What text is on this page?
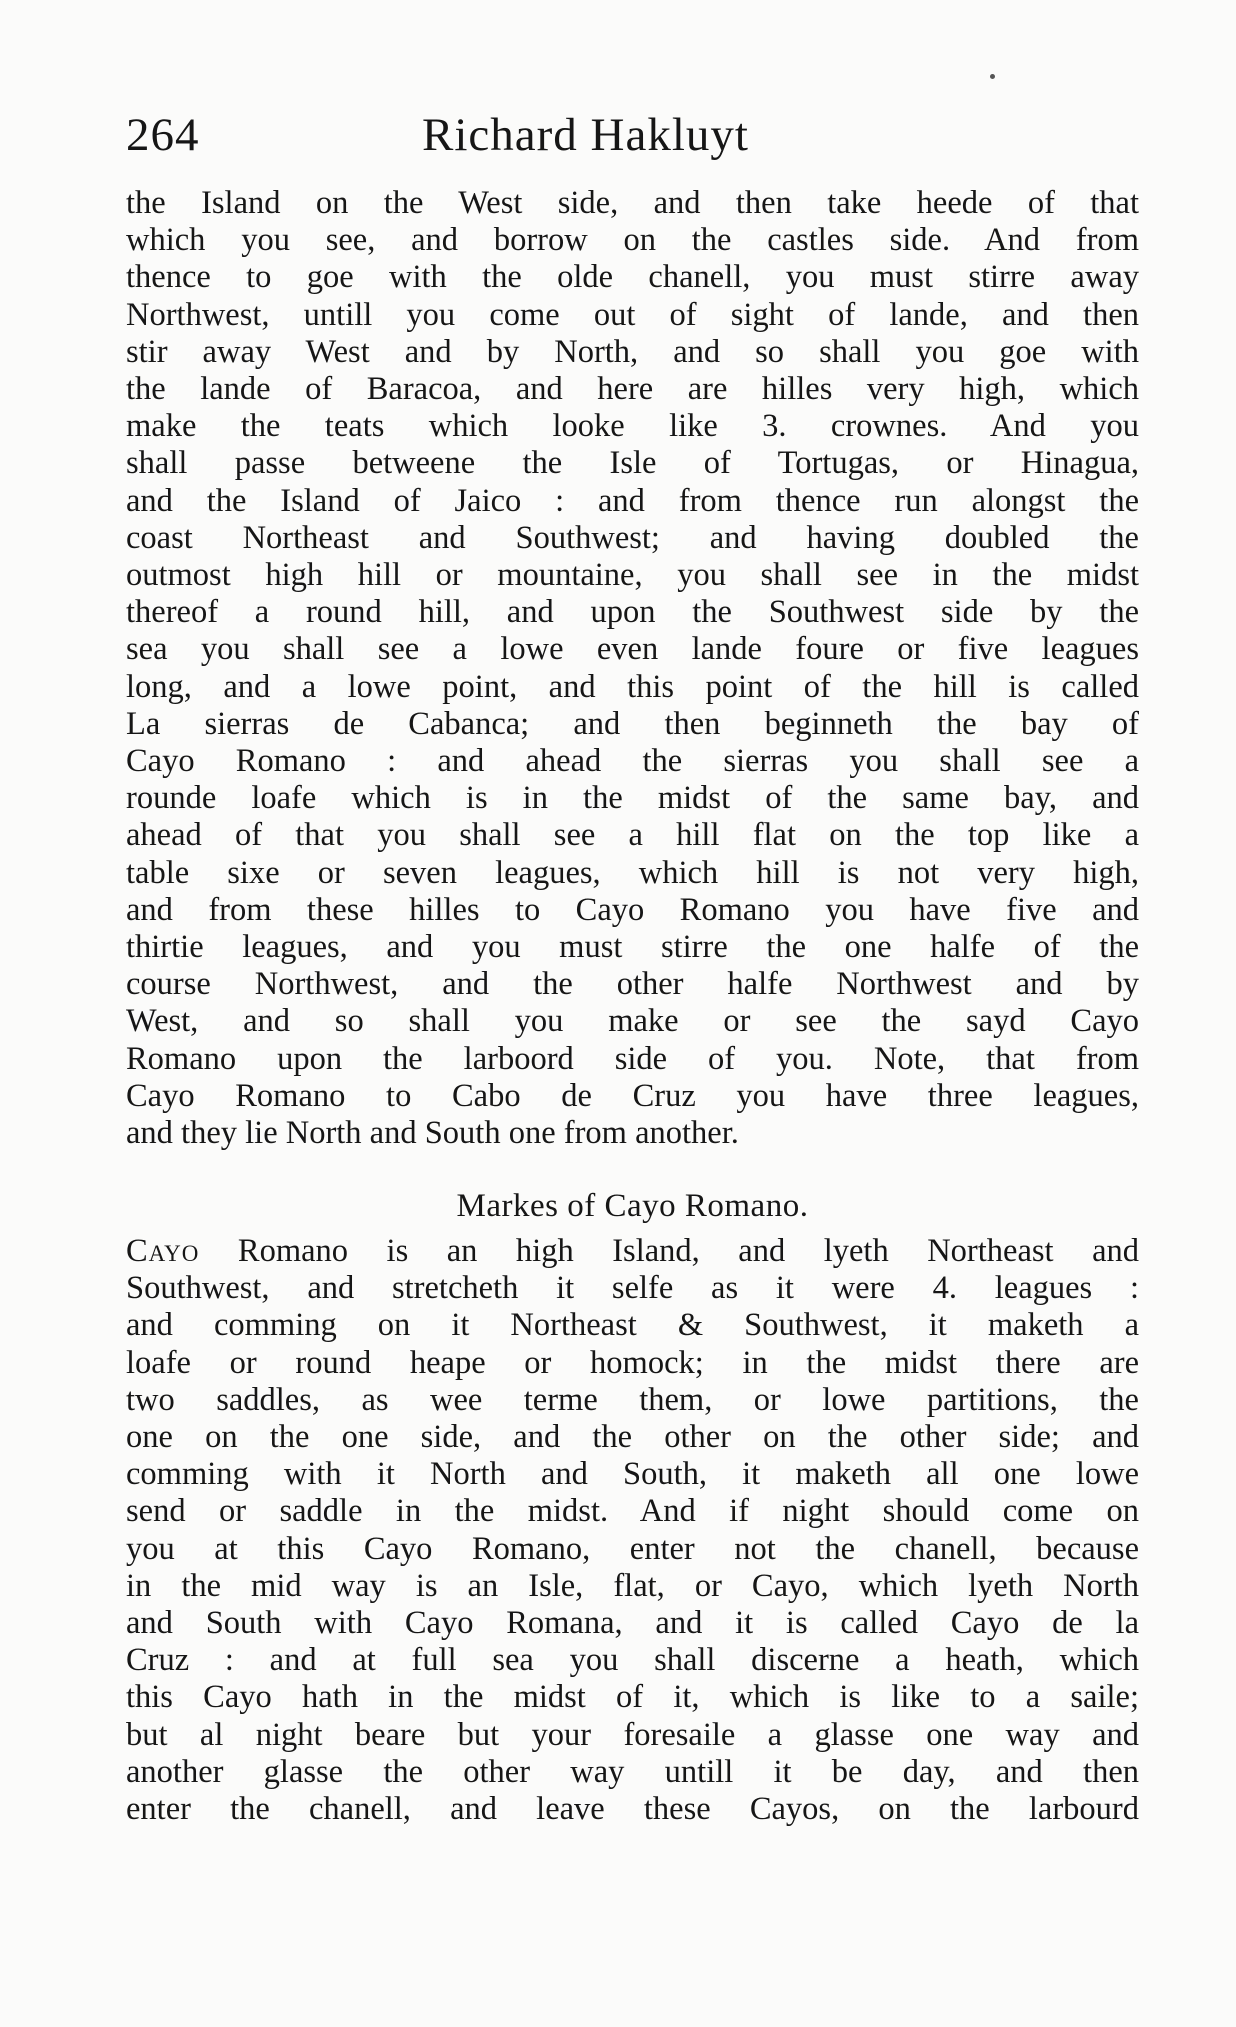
264	Richard Hakluyt
the Island on the West side, and then take heede of that
which you see, and borrow on the castles side. And from
thence to goe with the olde chanell, you must stirre away
Northwest, untill you come out of sight of lande, and then
stir away West and by North, and so shall you goe with
the lande of Baracoa, and here are hilles very high, which
make the teats which looke like 3. crownes. And you
shall passe betweene the Isle of Tortugas, or Hinagua,
and the Island of Jaico : and from thence run alongst the
coast Northeast and Southwest; and having doubled the
outmost high hill or mountaine, you shall see in the midst
thereof a round hill, and upon the Southwest side by the
sea you shall see a lowe even lande foure or five leagues
long, and a lowe point, and this point of the hill is called
La sierras de Cabanca; and then beginneth the bay of
Cayo Romano : and ahead the sierras you shall see a
rounde loafe which is in the midst of the same bay, and
ahead of that you shall see a hill flat on the top like a
table sixe or seven leagues, which hill is not very high,
and from these hilles to Cayo Romano you have five and
thirtie leagues, and you must stirre the one halfe of the
course Northwest, and the other halfe Northwest and by
West, and so shall you make or see the sayd Cayo
Romano upon the larboord side of you. Note, that from
Cayo Romano to Cabo de Cruz you have three leagues,
and they lie North and South one from another.
Markes of Cayo Romano.
Cayo Romano is an high Island, and lyeth Northeast and
Southwest, and stretcheth it selfe as it were 4. leagues :
and comming on it Northeast & Southwest, it maketh a
loafe or round heape or homock; in the midst there are
two saddles, as wee terme them, or lowe partitions, the
one on the one side, and the other on the other side; and
comming with it North and South, it maketh all one lowe
send or saddle in the midst. And if night should come on
you at this Cayo Romano, enter not the chanell, because
in the mid way is an Isle, flat, or Cayo, which lyeth North
and South with Cayo Romana, and it is called Cayo de la
Cruz : and at full sea you shall discerne a heath, which
this Cayo hath in the midst of it, which is like to a saile;
but al night beare but your foresaile a glasse one way and
another glasse the other way untill it be day, and then
enter the chanell, and leave these Cayos, on the larbourd
